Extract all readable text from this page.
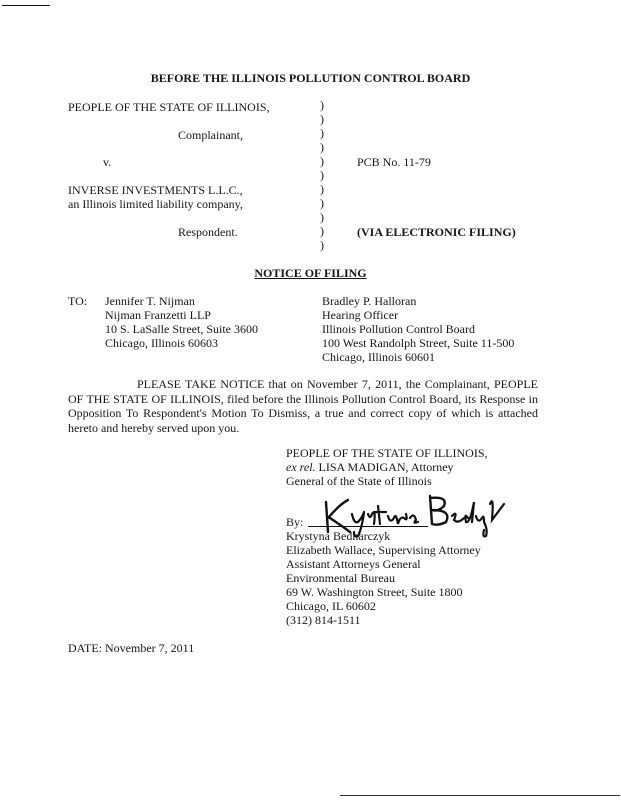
BEFORE THE ILLINOIS POLLUTION CONTROL BOARD
PEOPLE OF THE STATE OF ILLINOIS,
Complainant,
v.
INVERSE INVESTMENTS L.L.C.,
an Illinois limited liability company,
Respondent.
)
)
)
)
)
)
)
)
)
)
)
PCB No. 11-79
(VIA ELECTRONIC FILING)
NOTICE OF FILING
TO: Jennifer T. Nijman
Nijman Franzetti LLP
10 S. LaSalle Street, Suite 3600
Chicago, Illinois 60603
Bradley P. Halloran
Hearing Officer
Illinois Pollution Control Board
100 West Randolph Street, Suite 11-500
Chicago, Illinois 60601
PLEASE TAKE NOTICE that on November 7, 2011, the Complainant, PEOPLE OF THE STATE OF ILLINOIS, filed before the Illinois Pollution Control Board, its Response in Opposition To Respondent's Motion To Dismiss, a true and correct copy of which is attached hereto and hereby served upon you.
PEOPLE OF THE STATE OF ILLINOIS,
ex rel. LISA MADIGAN, Attorney
General of the State of Illinois
By:
Krystyna Bednarczyk
Elizabeth Wallace, Supervising Attorney
Assistant Attorneys General
Environmental Bureau
69 W. Washington Street, Suite 1800
Chicago, IL 60602
(312) 814-1511
DATE: November 7, 2011
